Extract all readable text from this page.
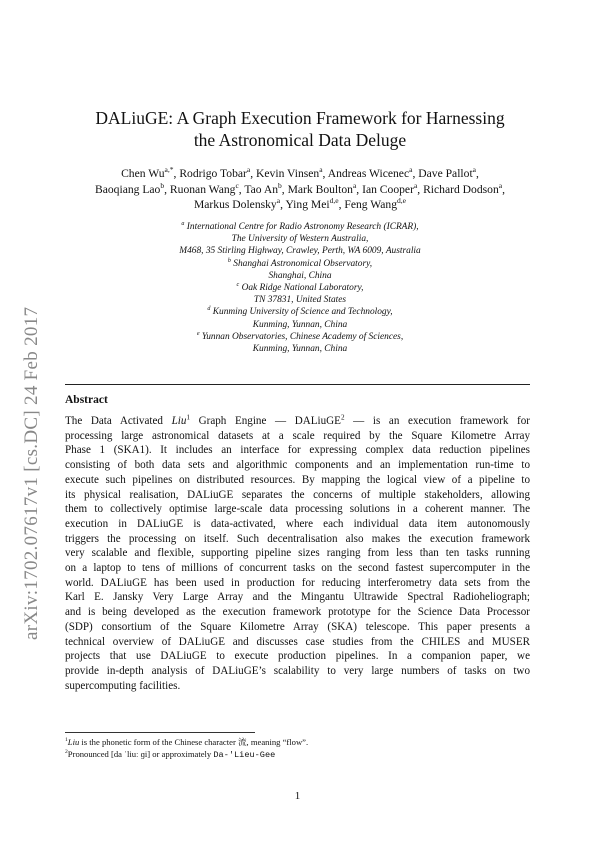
arXiv:1702.07617v1 [cs.DC] 24 Feb 2017
DALiuGE: A Graph Execution Framework for Harnessing
the Astronomical Data Deluge
Chen $Wu^{a,*}$, Rodrigo Tobar$^a$, Kevin Vinsen$^a$, Andreas Wicenec$^a$, Dave Pallot$^a$,
Baoqiang Lao$^b$, Ruonan Wang$^c$, Tao An$^b$, Mark Boulton$^a$, Ian Cooper$^a$, Richard Dodson$^a$,
Markus Dolensky$^a$, Ying Mei$^{d,e}$, Feng Wang$^{d,e}$
$^a$ International Centre for Radio Astronomy Research (ICRAR),
The University of Western Australia,
M468, 35 Stirling Highway, Crawley, Perth, WA 6009, Australia
$^b$ Shanghai Astronomical Observatory,
Shanghai, China
$^c$ Oak Ridge National Laboratory,
TN 37831, United States
$^d$ Kunming University of Science and Technology,
Kunming, Yunnan, China
$^e$ Yunnan Observatories, Chinese Academy of Sciences,
Kunming, Yunnan, China
Abstract
The Data Activated Liu$^1$ Graph Engine — DALiuGE$^2$ — is an execution framework for
processing large astronomical datasets at a scale required by the Square Kilometre Array
Phase 1 (SKA1). It includes an interface for expressing complex data reduction pipelines
consisting of both data sets and algorithmic components and an implementation run-time to
execute such pipelines on distributed resources. By mapping the logical view of a pipeline to
its physical realisation, DALiuGE separates the concerns of multiple stakeholders, allowing
them to collectively optimise large-scale data processing solutions in a coherent manner. The
execution in DALiuGE is data-activated, where each individual data item autonomously
triggers the processing on itself. Such decentralisation also makes the execution framework
very scalable and flexible, supporting pipeline sizes ranging from less than ten tasks running
on a laptop to tens of millions of concurrent tasks on the second fastest supercomputer in the
world. DALiuGE has been used in production for reducing interferometry data sets from the
Karl E. Jansky Very Large Array and the Mingantu Ultrawide Spectral Radioheliograph;
and is being developed as the execution framework prototype for the Science Data Processor
(SDP) consortium of the Square Kilometre Array (SKA) telescope. This paper presents a
technical overview of DALiuGE and discusses case studies from the CHILES and MUSER
projects that use DALiuGE to execute production pipelines. In a companion paper, we
provide in-depth analysis of DALiuGE’s scalability to very large numbers of tasks on two
supercomputing facilities.
$^1$Liu is the phonetic form of the Chinese character 流, meaning “flow”.
$^2$Pronounced [da ˈliuː ɡi] or approximately Da-'Lieu-Gee
1
